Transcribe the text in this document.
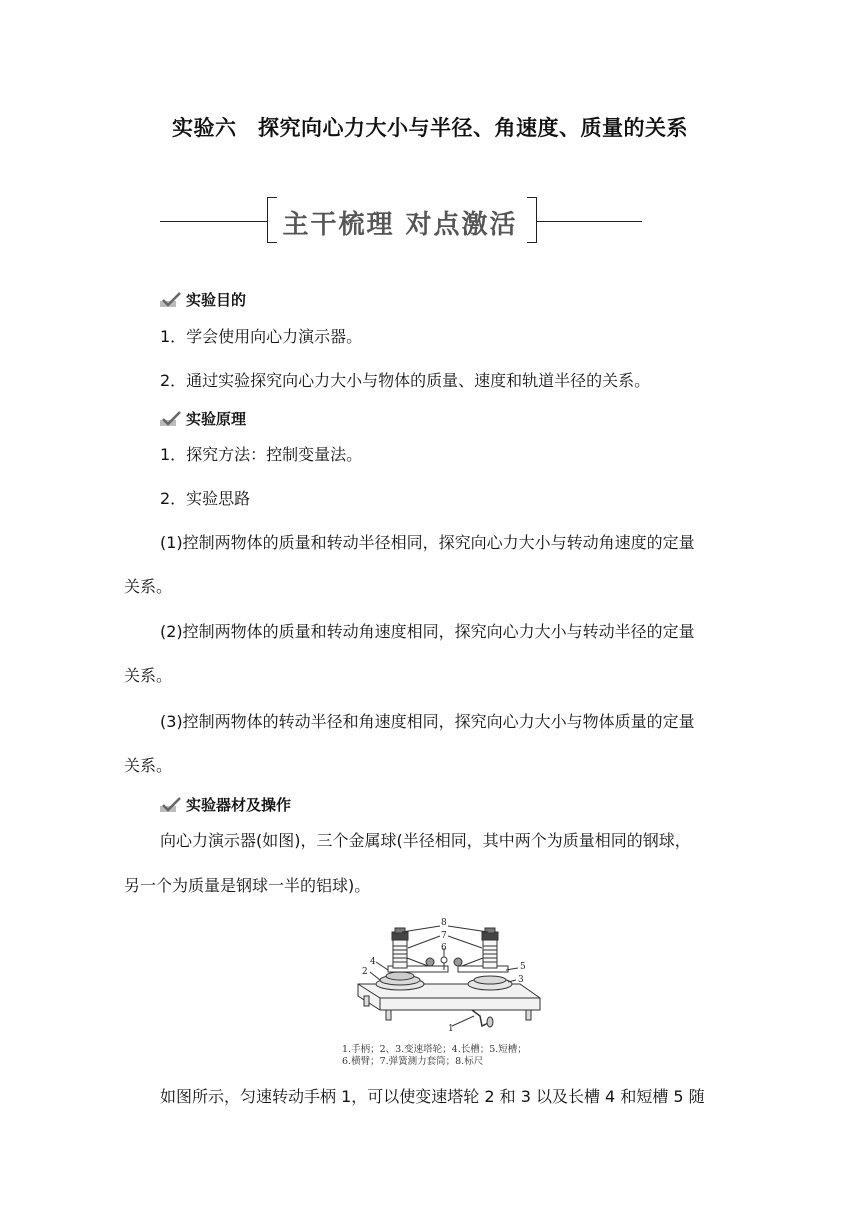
实验六　探究向心力大小与半径、角速度、质量的关系
主干梳理 对点激活
实验目的
1．学会使用向心力演示器。
2．通过实验探究向心力大小与物体的质量、速度和轨道半径的关系。
实验原理
1．探究方法：控制变量法。
2．实验思路
(1)控制两物体的质量和转动半径相同，探究向心力大小与转动角速度的定量
关系。
(2)控制两物体的质量和转动角速度相同，探究向心力大小与转动半径的定量
关系。
(3)控制两物体的转动半径和角速度相同，探究向心力大小与物体质量的定量
关系。
实验器材及操作
向心力演示器(如图)，三个金属球(半径相同，其中两个为质量相同的钢球，
另一个为质量是钢球一半的铝球)。
8
7
6
4
2	5
3
1
1.手柄；2、3.变速塔轮；4.长槽；5.短槽；
6.横臂；7.弹簧测力套筒；8.标尺
如图所示，匀速转动手柄 1，可以使变速塔轮 2 和 3 以及长槽 4 和短槽 5 随
